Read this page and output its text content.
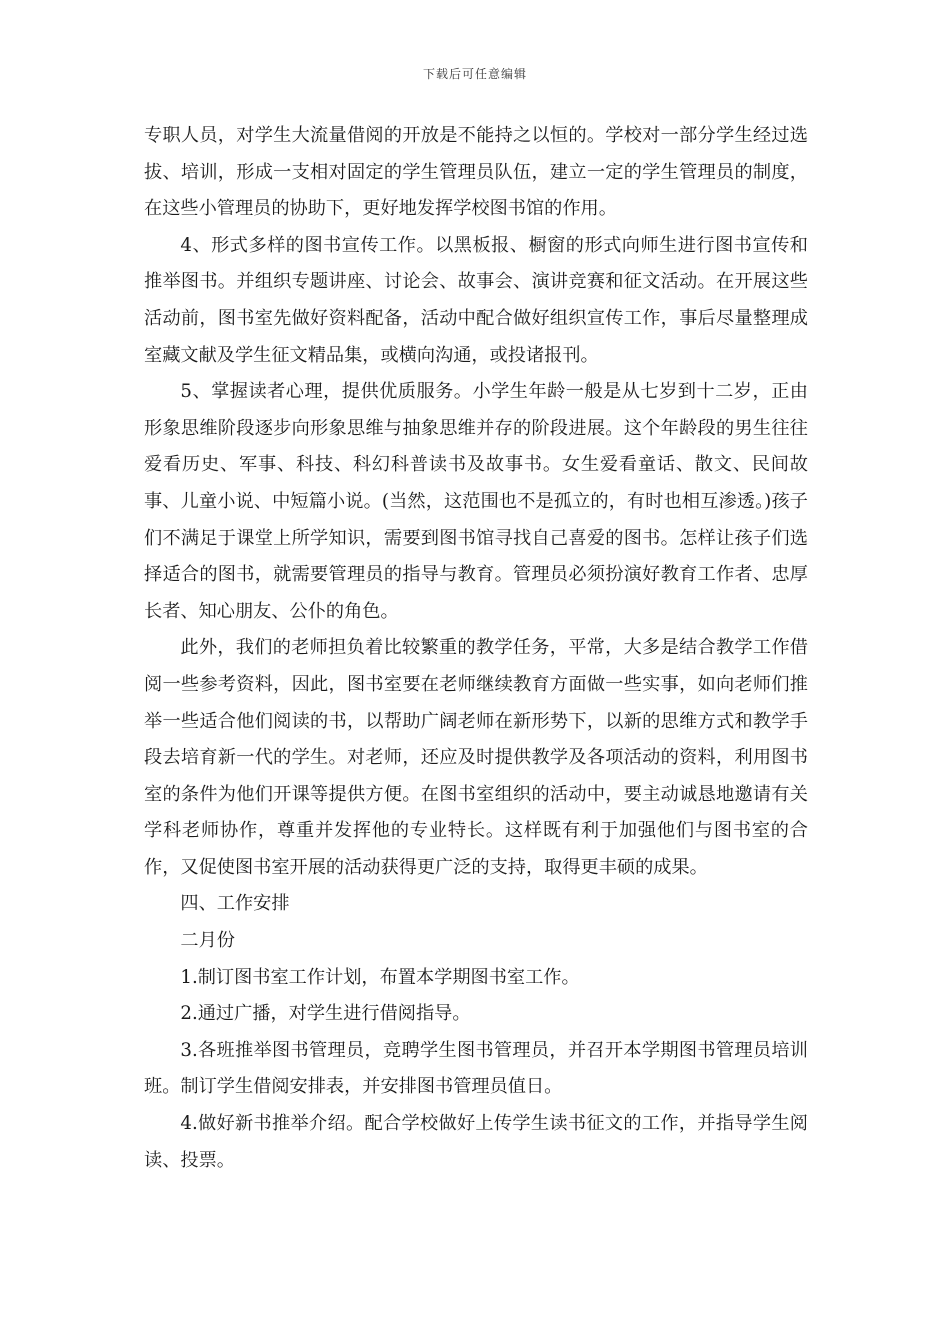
下载后可任意编辑

专职人员，对学生大流量借阅的开放是不能持之以恒的。学校对一部分学生经过选拔、培训，形成一支相对固定的学生管理员队伍，建立一定的学生管理员的制度，在这些小管理员的协助下，更好地发挥学校图书馆的作用。

4、形式多样的图书宣传工作。以黑板报、橱窗的形式向师生进行图书宣传和推举图书。并组织专题讲座、讨论会、故事会、演讲竞赛和征文活动。在开展这些 活动前，图书室先做好资料配备，活动中配合做好组织宣传工作，事后尽量整理成室藏文献及学生征文精品集，或横向沟通，或投诸报刊。

5、掌握读者心理，提供优质服务。小学生年龄一般是从七岁到十二岁，正由形象思维阶段逐步向形象思维与抽象思维并存的阶段进展。这个年龄段的男生往往爱看历史、军事、科技、科幻科普读书及故事书。女生爱看童话、散文、民间故事、儿童小说、中短篇小说。(当然，这范围也不是孤立的，有时也相互渗透。)孩子们不满足于课堂上所学知识，需要到图书馆寻找自己喜爱的图书。怎样让孩子们选择适合的图书，就需要管理员的指导与教育。管理员必须扮演好教育工作者、忠厚长者、知心朋友、公仆的角色。

此外，我们的老师担负着比较繁重的教学任务，平常，大多是结合教学工作借阅一些参考资料，因此，图书室要在老师继续教育方面做一些实事，如向老师们推举一些适合他们阅读的书，以帮助广阔老师在新形势下，以新的思维方式和教学手段去培育新一代的学生。对老师，还应及时提供教学及各项活动的资料，利用图书室的条件为他们开课等提供方便。在图书室组织的活动中，要主动诚恳地邀请有关学科老师协作，尊重并发挥他的专业特长。这样既有利于加强他们与图书室的合作，又促使图书室开展的活动获得更广泛的支持，取得更丰硕的成果。

四、工作安排

二月份

1.制订图书室工作计划，布置本学期图书室工作。

2.通过广播，对学生进行借阅指导。

3.各班推举图书管理员，竞聘学生图书管理员，并召开本学期图书管理员培训班。制订学生借阅安排表，并安排图书管理员值日。

4.做好新书推举介绍。配合学校做好上传学生读书征文的工作，并指导学生阅读、投票。
